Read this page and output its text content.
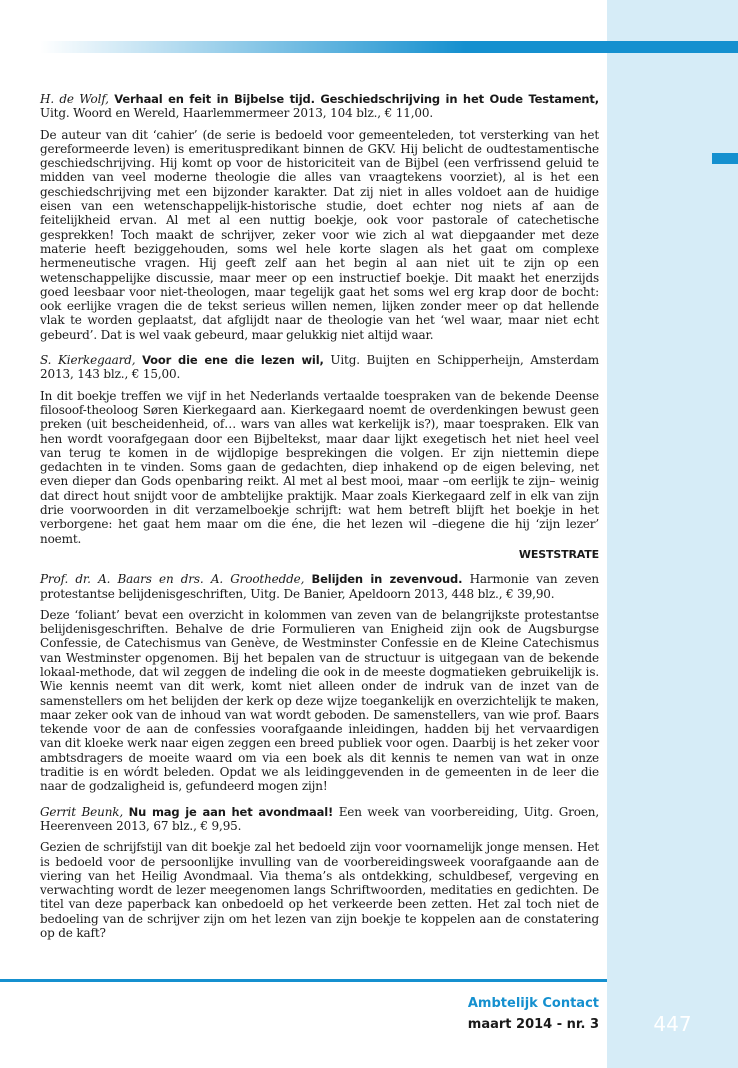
H. de Wolf, Verhaal en feit in Bijbelse tijd. Geschiedschrijving in het Oude Testament, Uitg. Woord en Wereld, Haarlemmermeer 2013, 104 blz., € 11,00.

De auteur van dit ‘cahier’ (de serie is bedoeld voor gemeenteleden, tot versterking van het gereformeerde leven) is emerituspredikant binnen de GKV. Hij belicht de oudtestamentische geschiedschrijving. Hij komt op voor de historiciteit van de Bijbel (een verfrissend geluid te midden van veel moderne theologie die alles van vraagtekens voorziet), al is het een geschiedschrijving met een bijzonder karakter. Dat zij niet in alles voldoet aan de huidige eisen van een wetenschappelijk-historische studie, doet echter nog niets af aan de feitelijkheid ervan. Al met al een nuttig boekje, ook voor pastorale of catechetische gesprekken! Toch maakt de schrijver, zeker voor wie zich al wat diepgaander met deze materie heeft beziggehouden, soms wel hele korte slagen als het gaat om complexe hermeneutische vragen. Hij geeft zelf aan het begin al aan niet uit te zijn op een wetenschappelijke discussie, maar meer op een instructief boekje. Dit maakt het enerzijds goed leesbaar voor niet-theologen, maar tegelijk gaat het soms wel erg krap door de bocht: ook eerlijke vragen die de tekst serieus willen nemen, lijken zonder meer op dat hellende vlak te worden geplaatst, dat afglijdt naar de theologie van het ‘wel waar, maar niet echt gebeurd’. Dat is wel vaak gebeurd, maar gelukkig niet altijd waar.

S. Kierkegaard, Voor die ene die lezen wil, Uitg. Buijten en Schipperheijn, Amsterdam 2013, 143 blz., € 15,00.

In dit boekje treffen we vijf in het Nederlands vertaalde toespraken van de bekende Deense filosoof-theoloog Søren Kierkegaard aan. Kierkegaard noemt de overdenkingen bewust geen preken (uit bescheidenheid, of… wars van alles wat kerkelijk is?), maar toespraken. Elk van hen wordt voorafgegaan door een Bijbeltekst, maar daar lijkt exegetisch het niet heel veel van terug te komen in de wijdlopige besprekingen die volgen. Er zijn niettemin diepe gedachten in te vinden. Soms gaan de gedachten, diep inhakend op de eigen beleving, net even dieper dan Gods openbaring reikt. Al met al best mooi, maar –om eerlijk te zijn– weinig dat direct hout snijdt voor de ambtelijke praktijk. Maar zoals Kierkegaard zelf in elk van zijn drie voorwoorden in dit verzamelboekje schrijft: wat hem betreft blijft het boekje in het verborgene: het gaat hem maar om die éne, die het lezen wil –diegene die hij ‘zijn lezer’ noemt.

WESTSTRATE

Prof. dr. A. Baars en drs. A. Groothedde, Belijden in zevenvoud. Harmonie van zeven protestantse belijdenisgeschriften, Uitg. De Banier, Apeldoorn 2013, 448 blz., € 39,90.

Deze ‘foliant’ bevat een overzicht in kolommen van zeven van de belangrijkste protestantse belijdenisgeschriften. Behalve de drie Formulieren van Enigheid zijn ook de Augsburgse Confessie, de Catechismus van Genève, de Westminster Confessie en de Kleine Catechismus van Westminster opgenomen. Bij het bepalen van de structuur is uitgegaan van de bekende lokaal-methode, dat wil zeggen de indeling die ook in de meeste dogmatieken gebruikelijk is. Wie kennis neemt van dit werk, komt niet alleen onder de indruk van de inzet van de samenstellers om het belijden der kerk op deze wijze toegankelijk en overzichtelijk te maken, maar zeker ook van de inhoud van wat wordt geboden. De samenstellers, van wie prof. Baars tekende voor de aan de confessies voorafgaande inleidingen, hadden bij het vervaardigen van dit kloeke werk naar eigen zeggen een breed publiek voor ogen. Daarbij is het zeker voor ambtsdragers de moeite waard om via een boek als dit kennis te nemen van wat in onze traditie is en wórdt beleden. Opdat we als leidinggevenden in de gemeenten in de leer die naar de godzaligheid is, gefundeerd mogen zijn!

Gerrit Beunk, Nu mag je aan het avondmaal! Een week van voorbereiding, Uitg. Groen, Heerenveen 2013, 67 blz., € 9,95.

Gezien de schrijfstijl van dit boekje zal het bedoeld zijn voor voornamelijk jonge mensen. Het is bedoeld voor de persoonlijke invulling van de voorbereidingsweek voorafgaande aan de viering van het Heilig Avondmaal. Via thema’s als ontdekking, schuldbesef, vergeving en verwachting wordt de lezer meegenomen langs Schriftwoorden, meditaties en gedichten. De titel van deze paperback kan onbedoeld op het verkeerde been zetten. Het zal toch niet de bedoeling van de schrijver zijn om het lezen van zijn boekje te koppelen aan de constatering op de kaft?

Ambtelijk Contact
maart 2014 - nr. 3	447
